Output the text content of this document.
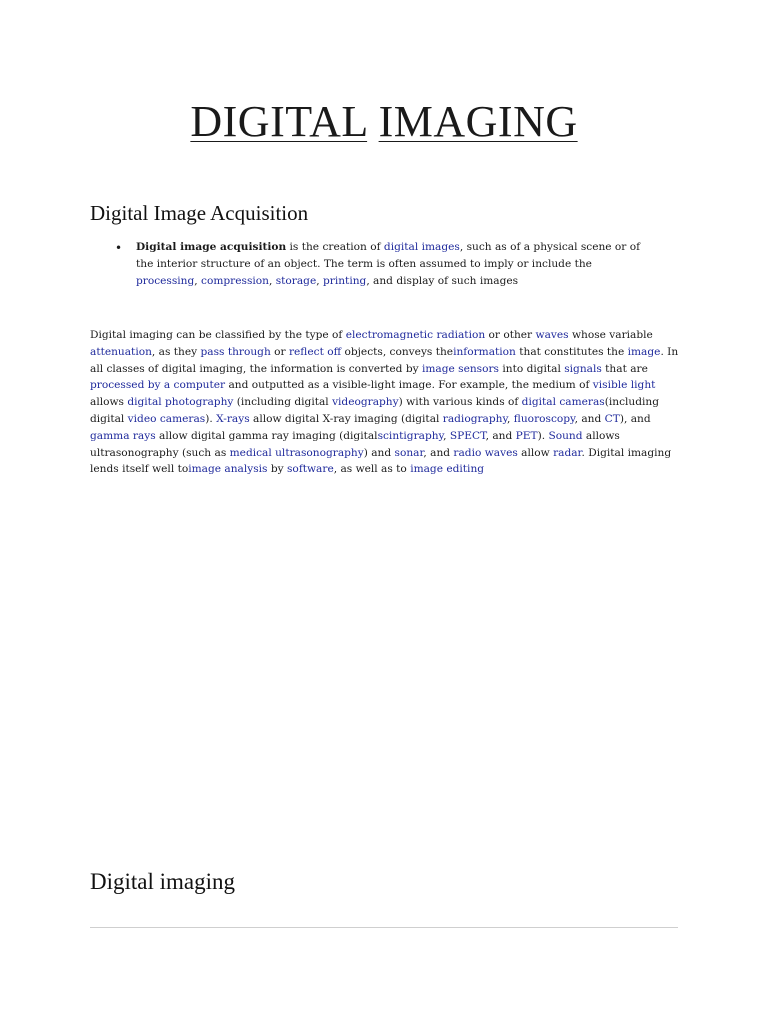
DIGITAL IMAGING
Digital Image Acquisition
• Digital image acquisition is the creation of digital images, such as of a physical scene or of the interior structure of an object. The term is often assumed to imply or include the processing, compression, storage, printing, and display of such images
Digital imaging can be classified by the type of electromagnetic radiation or other waves whose variable attenuation, as they pass through or reflect off objects, conveys theinformation that constitutes the image. In all classes of digital imaging, the information is converted by image sensors into digital signals that are processed by a computer and outputted as a visible-light image. For example, the medium of visible light allows digital photography (including digital videography) with various kinds of digital cameras(including digital video cameras). X-rays allow digital X-ray imaging (digital radiography, fluoroscopy, and CT), and gamma rays allow digital gamma ray imaging (digitalscintigraphy, SPECT, and PET). Sound allows ultrasonography (such as medical ultrasonography) and sonar, and radio waves allow radar. Digital imaging lends itself well toimage analysis by software, as well as to image editing
Digital imaging
